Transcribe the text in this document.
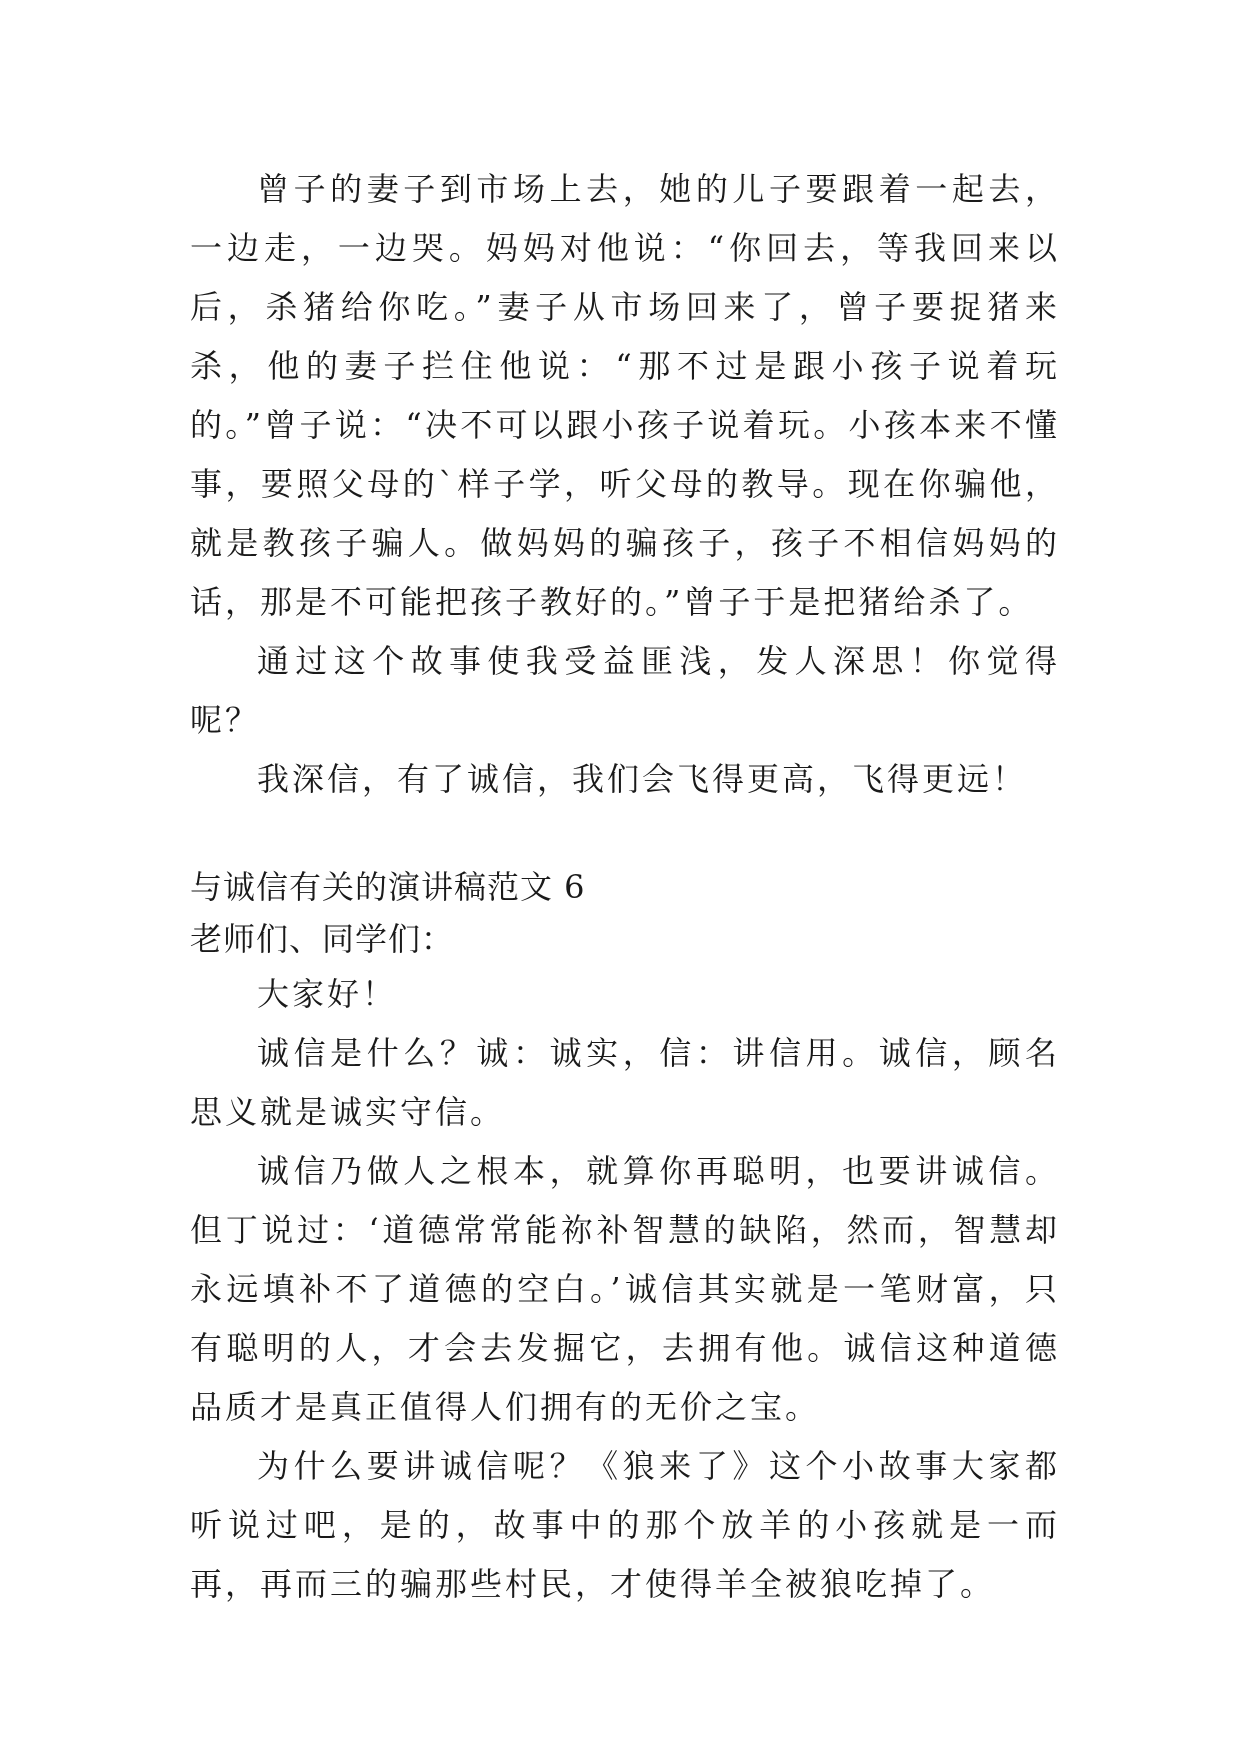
曾子的妻子到市场上去，她的儿子要跟着一起去，一边走，一边哭。妈妈对他说：“你回去，等我回来以后，杀猪给你吃。”妻子从市场回来了，曾子要捉猪来杀，他的妻子拦住他说：“那不过是跟小孩子说着玩的。”曾子说：“决不可以跟小孩子说着玩。小孩本来不懂事，要照父母的`样子学，听父母的教导。现在你骗他，就是教孩子骗人。做妈妈的骗孩子，孩子不相信妈妈的话，那是不可能把孩子教好的。”曾子于是把猪给杀了。

通过这个故事使我受益匪浅，发人深思！你觉得呢？

我深信，有了诚信，我们会飞得更高，飞得更远！

与诚信有关的演讲稿范文 6

老师们、同学们：

大家好！

诚信是什么？诚：诚实，信：讲信用。诚信，顾名思义就是诚实守信。

诚信乃做人之根本，就算你再聪明，也要讲诚信。但丁说过：‘道德常常能祢补智慧的缺陷，然而，智慧却永远填补不了道德的空白。’诚信其实就是一笔财富，只有聪明的人，才会去发掘它，去拥有他。诚信这种道德品质才是真正值得人们拥有的无价之宝。

为什么要讲诚信呢？《狼来了》这个小故事大家都听说过吧，是的，故事中的那个放羊的小孩就是一而再，再而三的骗那些村民，才使得羊全被狼吃掉了。
